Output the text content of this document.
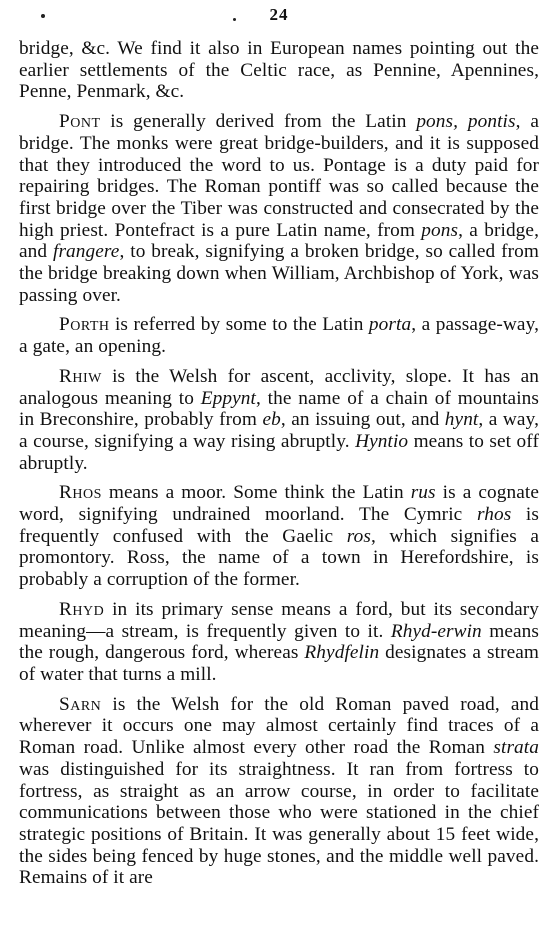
24

bridge, &c. We find it also in European names pointing out the earlier settlements of the Celtic race, as Pennine, Apennines, Penne, Penmark, &c.

Pont is generally derived from the Latin pons, pontis, a bridge. The monks were great bridge-builders, and it is supposed that they introduced the word to us. Pontage is a duty paid for repairing bridges. The Roman pontiff was so called because the first bridge over the Tiber was constructed and consecrated by the high priest. Pontefract is a pure Latin name, from pons, a bridge, and frangere, to break, signifying a broken bridge, so called from the bridge breaking down when William, Archbishop of York, was passing over.

Porth is referred by some to the Latin porta, a passage-way, a gate, an opening.

Rhiw is the Welsh for ascent, acclivity, slope. It has an analogous meaning to Eppynt, the name of a chain of mountains in Breconshire, probably from eb, an issuing out, and hynt, a way, a course, signifying a way rising abruptly. Hyntio means to set off abruptly.

Rhos means a moor. Some think the Latin rus is a cognate word, signifying undrained moorland. The Cymric rhos is frequently confused with the Gaelic ros, which signifies a promontory. Ross, the name of a town in Herefordshire, is probably a corruption of the former.

Rhyd in its primary sense means a ford, but its secondary meaning—a stream, is frequently given to it. Rhyd-erwin means the rough, dangerous ford, whereas Rhydfelin designates a stream of water that turns a mill.

Sarn is the Welsh for the old Roman paved road, and wherever it occurs one may almost certainly find traces of a Roman road. Unlike almost every other road the Roman strata was distinguished for its straightness. It ran from fortress to fortress, as straight as an arrow course, in order to facilitate communications between those who were stationed in the chief strategic positions of Britain. It was generally about 15 feet wide, the sides being fenced by huge stones, and the middle well paved. Remains of it are
